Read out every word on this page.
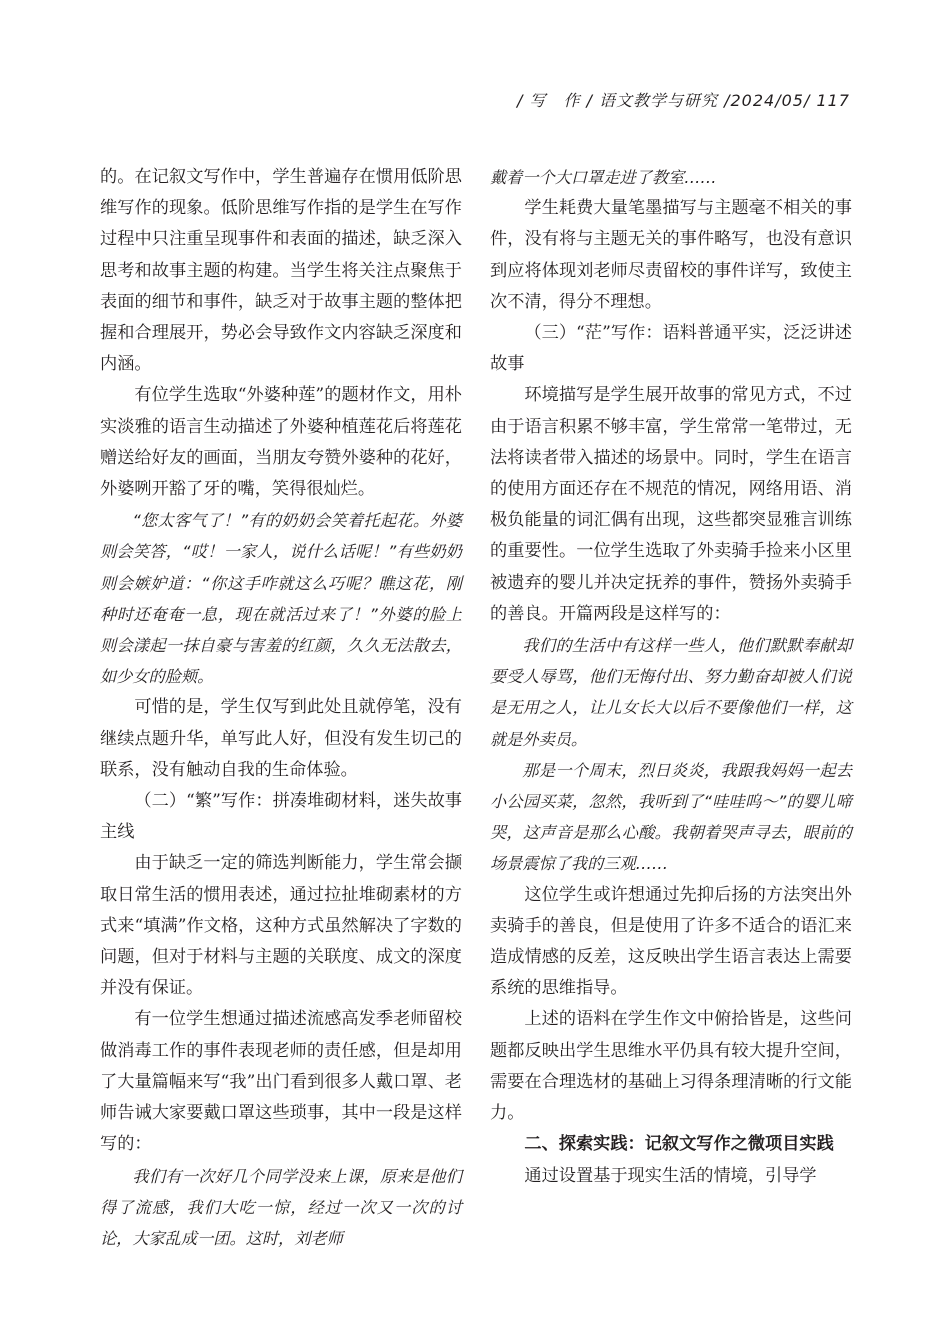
/ 写　作 / 语文教学与研究 /2024/05/ 117

的。在记叙文写作中，学生普遍存在惯用低阶思维写作的现象。低阶思维写作指的是学生在写作过程中只注重呈现事件和表面的描述，缺乏深入思考和故事主题的构建。当学生将关注点聚焦于表面的细节和事件，缺乏对于故事主题的整体把握和合理展开，势必会导致作文内容缺乏深度和内涵。

有位学生选取“外婆种莲”的题材作文，用朴实淡雅的语言生动描述了外婆种植莲花后将莲花赠送给好友的画面，当朋友夸赞外婆种的花好，外婆咧开豁了牙的嘴，笑得很灿烂。

“您太客气了！”有的奶奶会笑着托起花。外婆则会笑答，“哎！一家人，说什么话呢！”有些奶奶则会嫉妒道：“你这手咋就这么巧呢？瞧这花，刚种时还奄奄一息，现在就活过来了！”外婆的脸上则会漾起一抹自豪与害羞的红颜，久久无法散去，如少女的脸颊。

可惜的是，学生仅写到此处且就停笔，没有继续点题升华，单写此人好，但没有发生切己的联系，没有触动自我的生命体验。

（二）“繁”写作：拼凑堆砌材料，迷失故事主线

由于缺乏一定的筛选判断能力，学生常会撷取日常生活的惯用表述，通过拉扯堆砌素材的方式来“填满”作文格，这种方式虽然解决了字数的问题，但对于材料与主题的关联度、成文的深度并没有保证。

有一位学生想通过描述流感高发季老师留校做消毒工作的事件表现老师的责任感，但是却用了大量篇幅来写“我”出门看到很多人戴口罩、老师告诫大家要戴口罩这些琐事，其中一段是这样写的：

我们有一次好几个同学没来上课，原来是他们得了流感，我们大吃一惊，经过一次又一次的讨论，大家乱成一团。这时，刘老师

戴着一个大口罩走进了教室……

学生耗费大量笔墨描写与主题毫不相关的事件，没有将与主题无关的事件略写，也没有意识到应将体现刘老师尽责留校的事件详写，致使主次不清，得分不理想。

（三）“茫”写作：语料普通平实，泛泛讲述故事

环境描写是学生展开故事的常见方式，不过由于语言积累不够丰富，学生常常一笔带过，无法将读者带入描述的场景中。同时，学生在语言的使用方面还存在不规范的情况，网络用语、消极负能量的词汇偶有出现，这些都突显雅言训练的重要性。一位学生选取了外卖骑手捡来小区里被遗弃的婴儿并决定抚养的事件，赞扬外卖骑手的善良。开篇两段是这样写的：

我们的生活中有这样一些人，他们默默奉献却要受人辱骂，他们无悔付出、努力勤奋却被人们说是无用之人，让儿女长大以后不要像他们一样，这就是外卖员。

那是一个周末，烈日炎炎，我跟我妈妈一起去小公园买菜，忽然，我听到了“哇哇呜～”的婴儿啼哭，这声音是那么心酸。我朝着哭声寻去，眼前的场景震惊了我的三观……

这位学生或许想通过先抑后扬的方法突出外卖骑手的善良，但是使用了许多不适合的语汇来造成情感的反差，这反映出学生语言表达上需要系统的思维指导。

上述的语料在学生作文中俯拾皆是，这些问题都反映出学生思维水平仍具有较大提升空间，需要在合理选材的基础上习得条理清晰的行文能力。

二、探索实践：记叙文写作之微项目实践

通过设置基于现实生活的情境，引导学
